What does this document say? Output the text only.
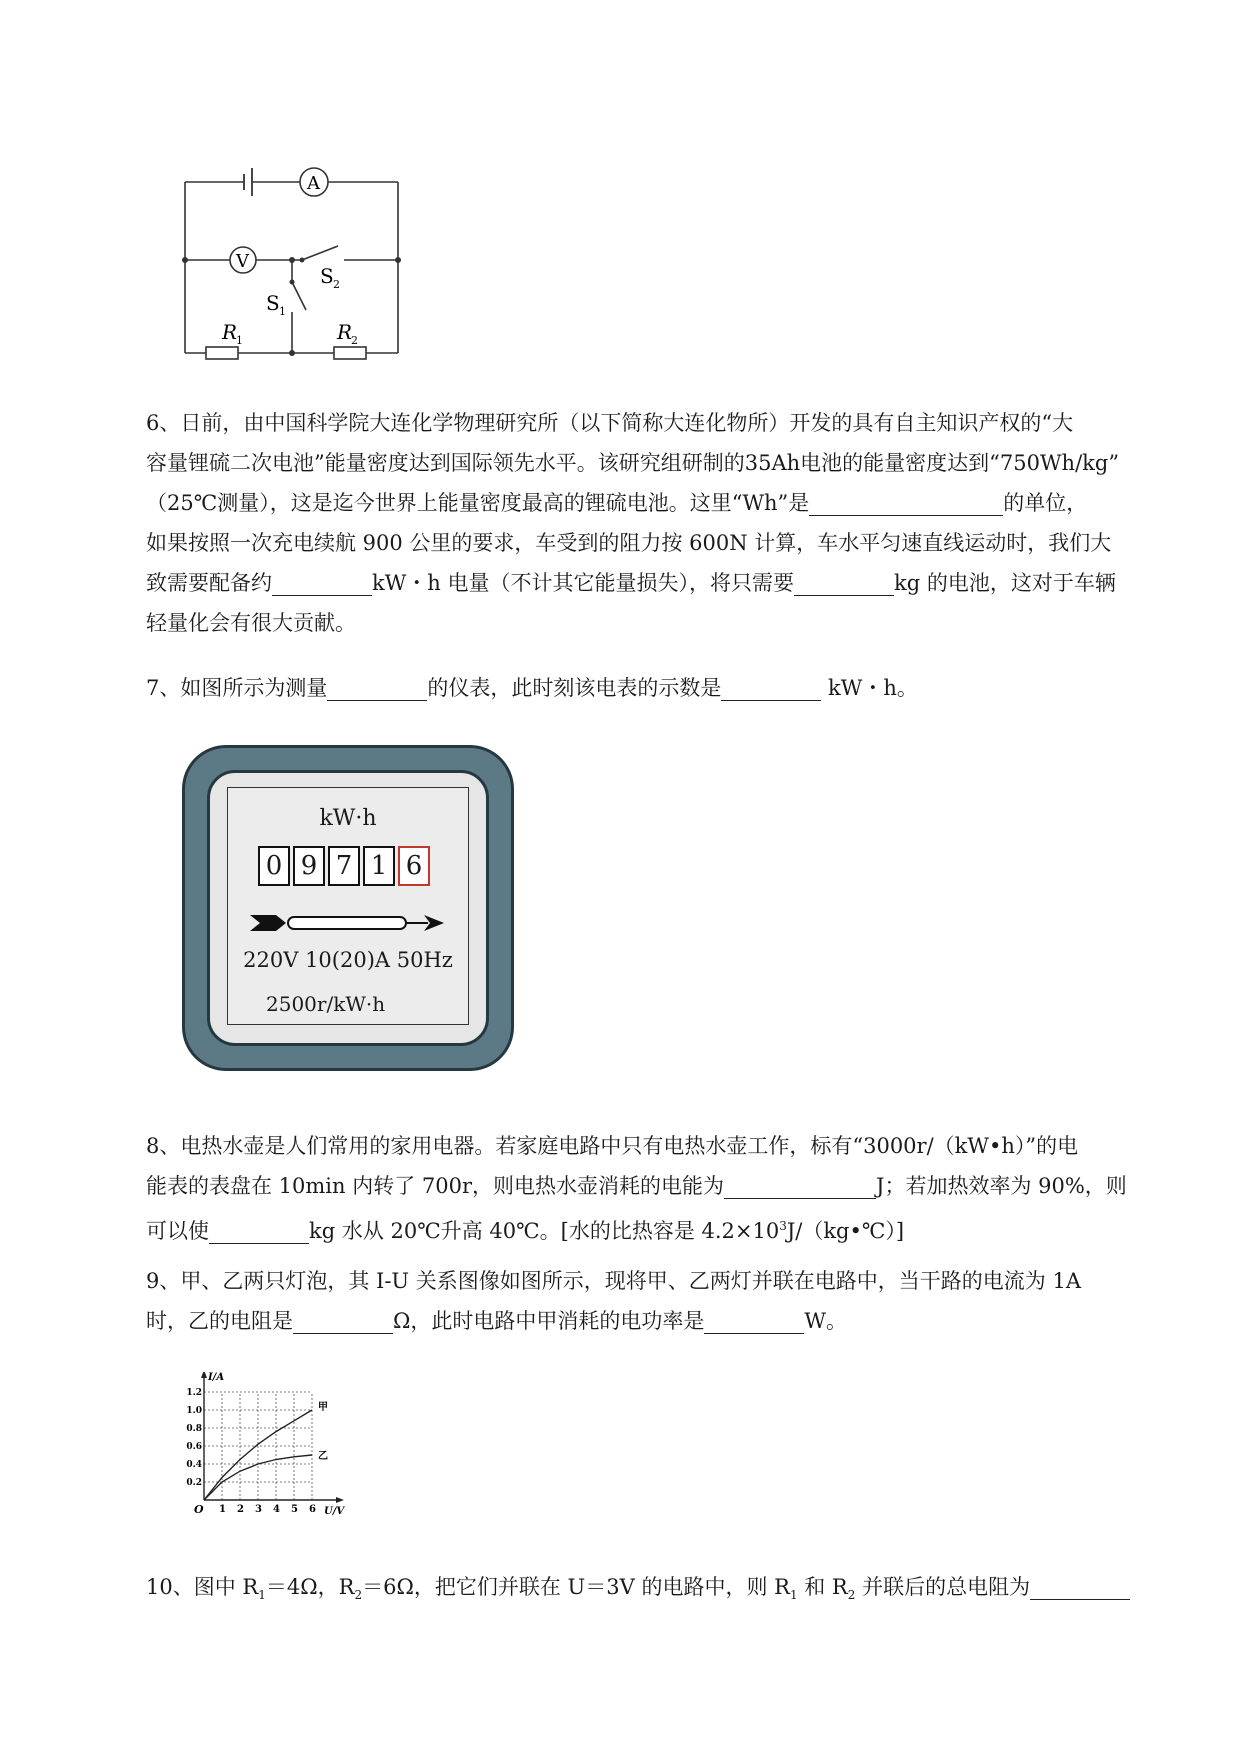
A
V
S 2
S 1
R
1	R
2
6、日前，由中国科学院大连化学物理研究所（以下简称大连化物所）开发的具有自主知识产权的“大
容量锂硫二次电池”能量密度达到国际领先水平。该研究组研制的35Ah电池的能量密度达到“750Wh/kg”
（25℃测量），这是迄今世界上能量密度最高的锂硫电池。这里“Wh”是	的单位，
如果按照一次充电续航 900 公里的要求，车受到的阻力按 600N 计算，车水平匀速直线运动时，我们大
致需要配备约	kW・h 电量（不计其它能量损失），将只需要	kg 的电池，这对于车辆
轻量化会有很大贡献。
7、如图所示为测量	的仪表，此时刻该电表的示数是	kW・h。
kW·h
0 9 7 1 6
220V 10(20)A 50Hz
2500r/kW·h
8、电热水壶是人们常用的家用电器。若家庭电路中只有电热水壶工作，标有“3000r/（kW•h）”的电
能表的表盘在 10min 内转了 700r，则电热水壶消耗的电能为	J；若加热效率为 90%，则
可以使	kg 水从 20℃升高 40℃。[水的比热容是 $4.2\times 10^3J/(kg•℃)$]
9、甲、乙两只灯泡，其 I-U 关系图像如图所示，现将甲、乙两灯并联在电路中，当干路的电流为 1A
时，乙的电阻是	Ω，此时电路中甲消耗的电功率是	W。
1 2 3 4 5 6
0.2
0.4
0.6
0.8
1.0
1.2
O	U/V
I/A
甲
乙
10、图中 $R_1=4\Omega$，$R_2=6\Omega$，把它们并联在 U＝3V 的电路中，则 $R_1$ 和 $R_2$ 并联后的总电阻为
